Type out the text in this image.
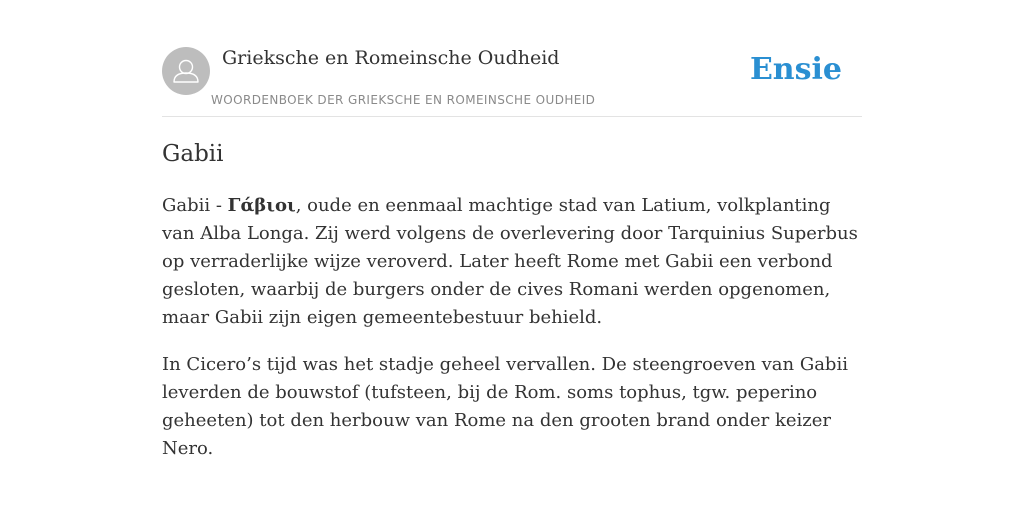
Grieksche en Romeinsche Oudheid
WOORDENBOEK DER GRIEKSCHE EN ROMEINSCHE OUDHEID
Ensie
Gabii

Gabii - Γάβιοι, oude en eenmaal machtige stad van Latium, volkplanting van Alba Longa. Zij werd volgens de overlevering door Tarquinius Superbus op verraderlijke wijze veroverd. Later heeft Rome met Gabii een verbond gesloten, waarbij de burgers onder de cives Romani werden opgenomen, maar Gabii zijn eigen gemeentebestuur behield.

In Cicero’s tijd was het stadje geheel vervallen. De steengroeven van Gabii leverden de bouwstof (tufsteen, bij de Rom. soms tophus, tgw. peperino geheeten) tot den herbouw van Rome na den grooten brand onder keizer Nero.
